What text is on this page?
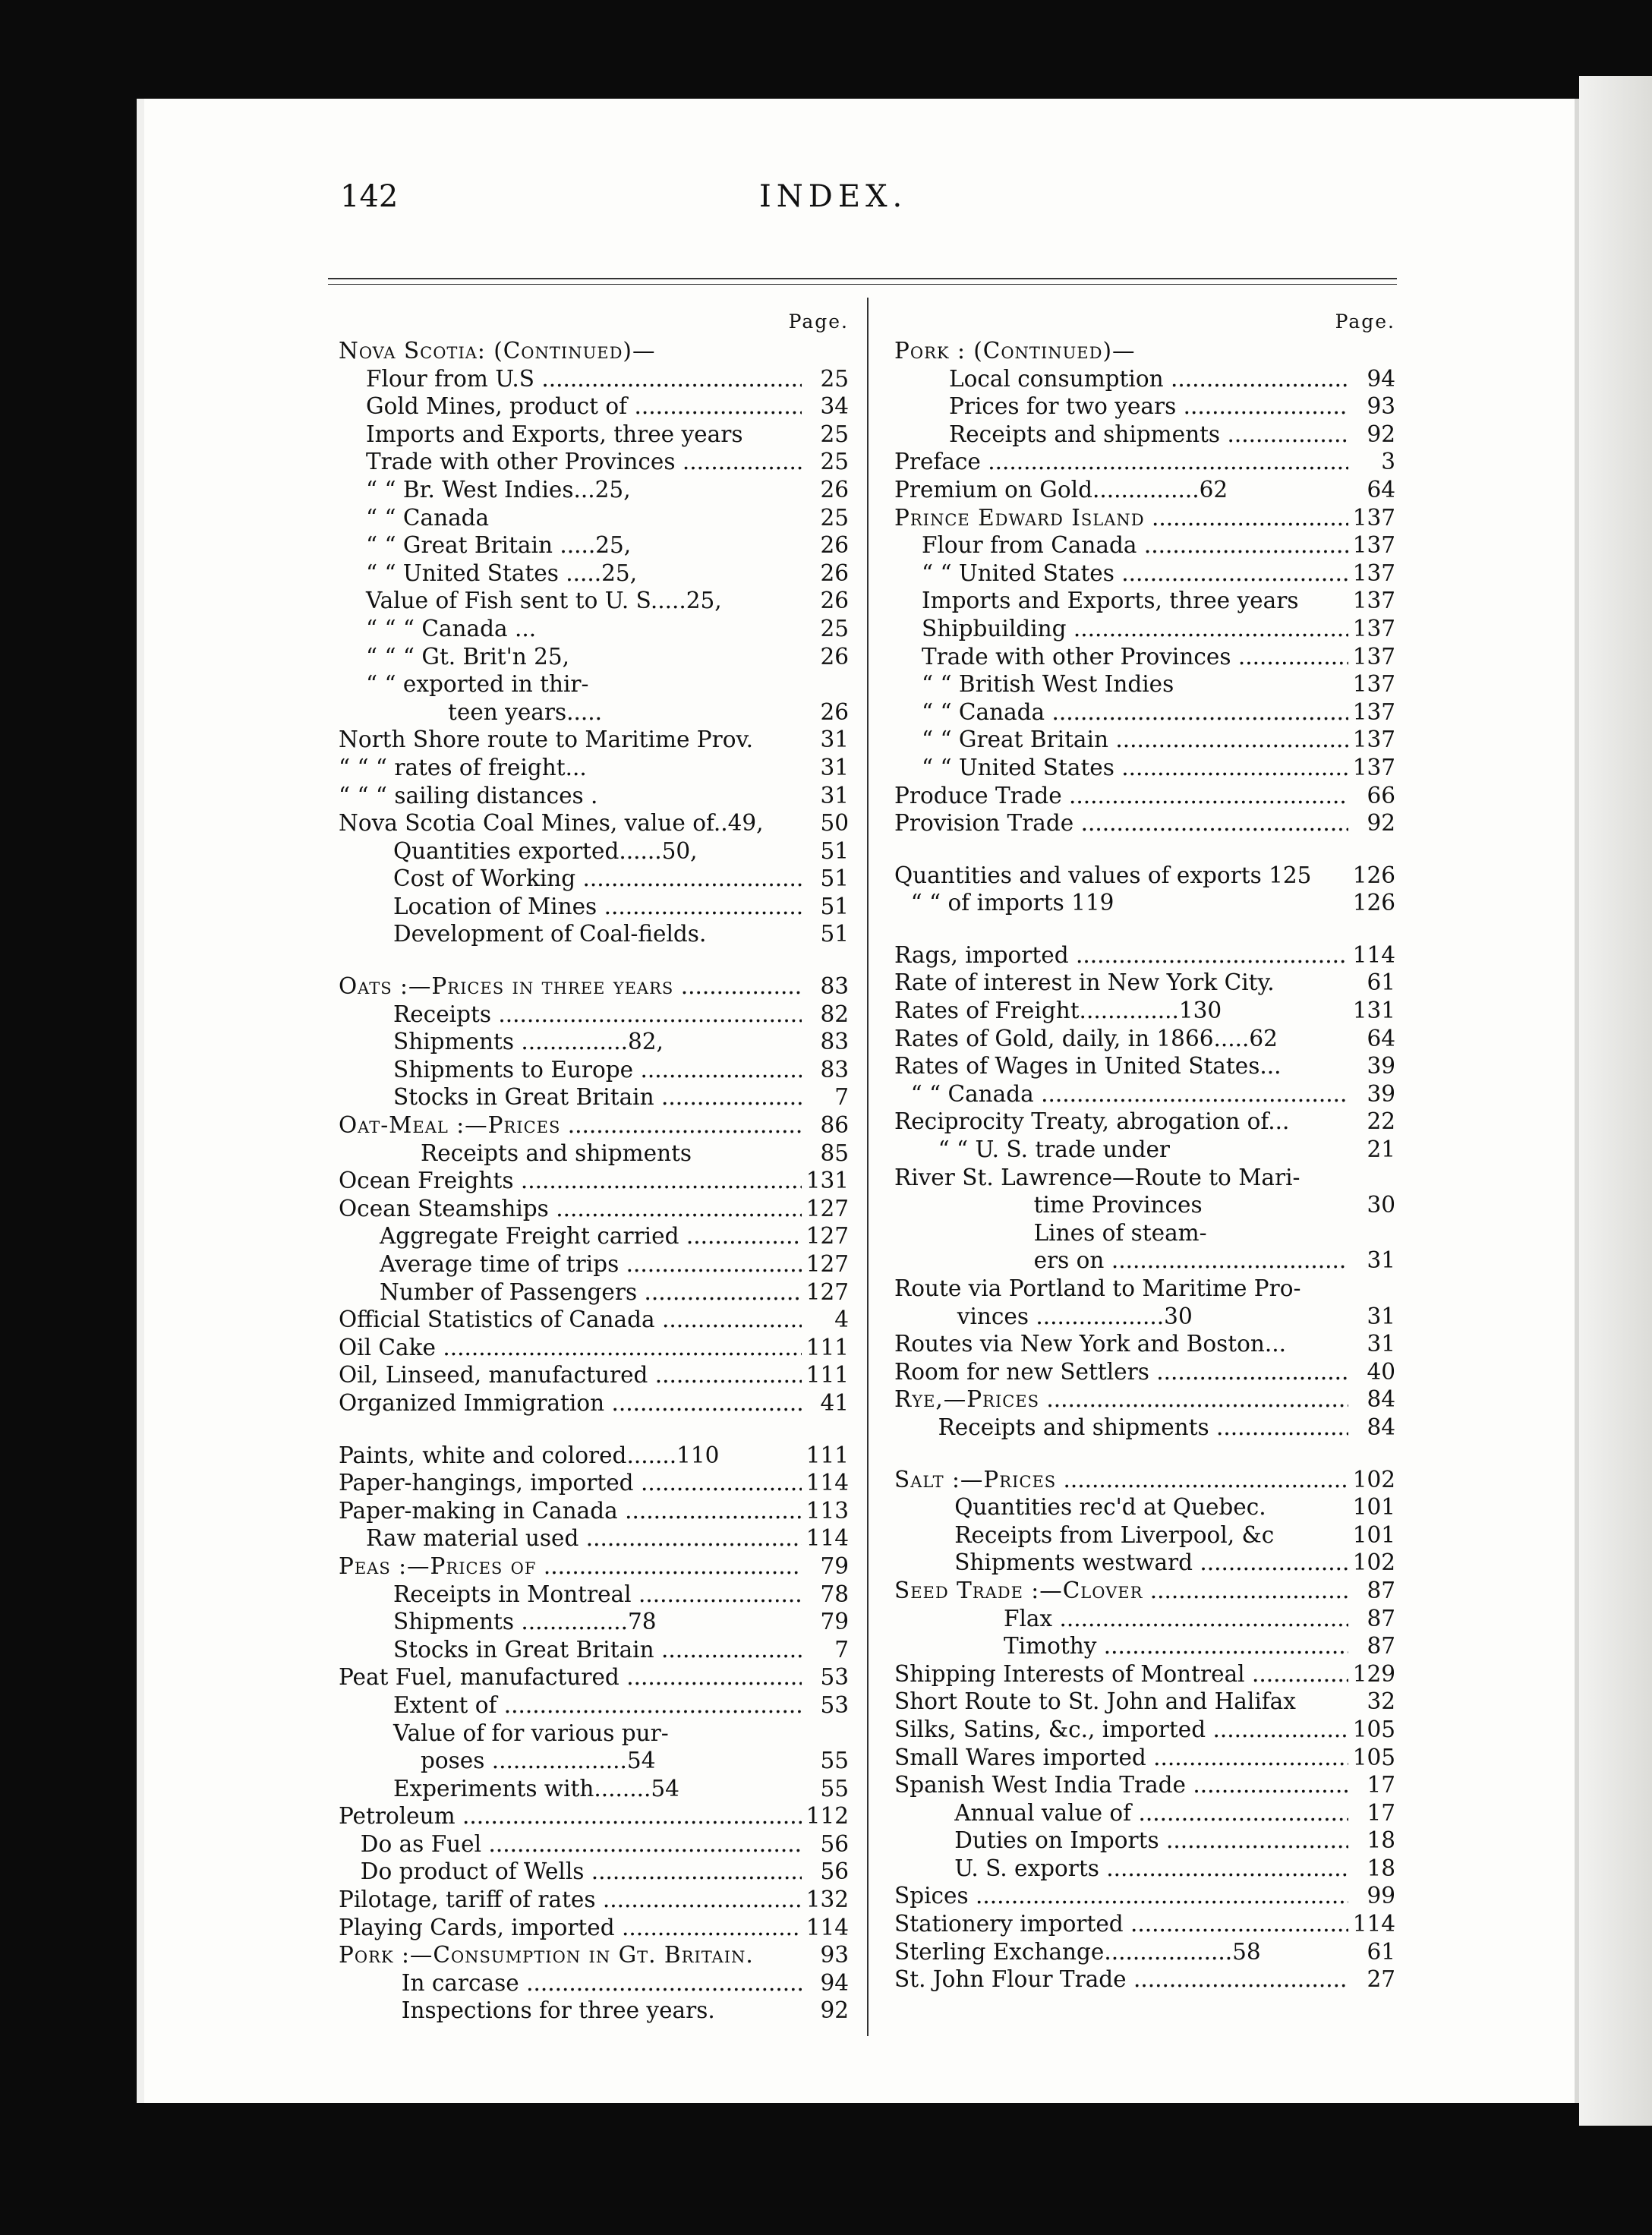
142	INDEX.
Page.
Nova Scotia: (Continued)—
Flour from U.S .....	25
Gold Mines, product of .....	34
Imports and Exports, three years	25
Trade with other Provinces .....	25
“ “ Br. West Indies...25,	26
“ “ Canada	25
“ “ Great Britain .....25,	26
“ “ United States .....25,	26
Value of Fish sent to U. S.....25,	26
“ “ “ Canada ...	25
“ “ “ Gt. Brit'n 25,	26
“ “ exported in thir-
teen years.....	26
North Shore route to Maritime Prov.	31
“ “ “ rates of freight...	31
“ “ “ sailing distances .	31
Nova Scotia Coal Mines, value of..49,	50
Quantities exported......50,	51
Cost of Working .....	51
Location of Mines .....	51
Development of Coal-fields.	51
Oats :—Prices in three years .....	83
Receipts .....	82
Shipments ...............82,	83
Shipments to Europe .....	83
Stocks in Great Britain .....	7
Oat-Meal :—Prices .....	86
Receipts and shipments	85
Ocean Freights .....	131
Ocean Steamships .....	127
Aggregate Freight carried .....	127
Average time of trips .....	127
Number of Passengers .....	127
Official Statistics of Canada .....	4
Oil Cake .....	111
Oil, Linseed, manufactured .....	111
Organized Immigration .....	41
Paints, white and colored.......110	111
Paper-hangings, imported .....	114
Paper-making in Canada .....	113
Raw material used .....	114
Peas :—Prices of .....	79
Receipts in Montreal .....	78
Shipments ...............78	79
Stocks in Great Britain .....	7
Peat Fuel, manufactured .....	53
Extent of .....	53
Value of for various pur-
poses ...................54	55
Experiments with........54	55
Petroleum .....	112
Do as Fuel .....	56
Do product of Wells .....	56
Pilotage, tariff of rates .....	132
Playing Cards, imported .....	114
Pork :—Consumption in Gt. Britain.	93
In carcase .....	94
Inspections for three years.	92
Page.
Pork : (Continued)—
Local consumption .....	94
Prices for two years .....	93
Receipts and shipments .....	92
Preface .....	3
Premium on Gold...............62	64
Prince Edward Island .....	137
Flour from Canada .....	137
“ “ United States .....	137
Imports and Exports, three years	137
Shipbuilding .....	137
Trade with other Provinces .....	137
“ “ British West Indies	137
“ “ Canada .....	137
“ “ Great Britain .....	137
“ “ United States .....	137
Produce Trade .....	66
Provision Trade .....	92
Quantities and values of exports 125	126
“ “ of imports 119	126
Rags, imported .....	114
Rate of interest in New York City.	61
Rates of Freight..............130	131
Rates of Gold, daily, in 1866.....62	64
Rates of Wages in United States...	39
“ “ Canada .....	39
Reciprocity Treaty, abrogation of...	22
“ “ U. S. trade under	21
River St. Lawrence—Route to Mari-
time Provinces	30
Lines of steam-
ers on .....	31
Route via Portland to Maritime Pro-
vinces ..................30	31
Routes via New York and Boston...	31
Room for new Settlers .....	40
Rye,—Prices .....	84
Receipts and shipments .....	84
Salt :—Prices .....	102
Quantities rec'd at Quebec.	101
Receipts from Liverpool, &c	101
Shipments westward .....	102
Seed Trade :—Clover .....	87
Flax .....	87
Timothy .....	87
Shipping Interests of Montreal .....	129
Short Route to St. John and Halifax	32
Silks, Satins, &c., imported .....	105
Small Wares imported .....	105
Spanish West India Trade .....	17
Annual value of .....	17
Duties on Imports .....	18
U. S. exports .....	18
Spices .....	99
Stationery imported .....	114
Sterling Exchange..................58	61
St. John Flour Trade .....	27
